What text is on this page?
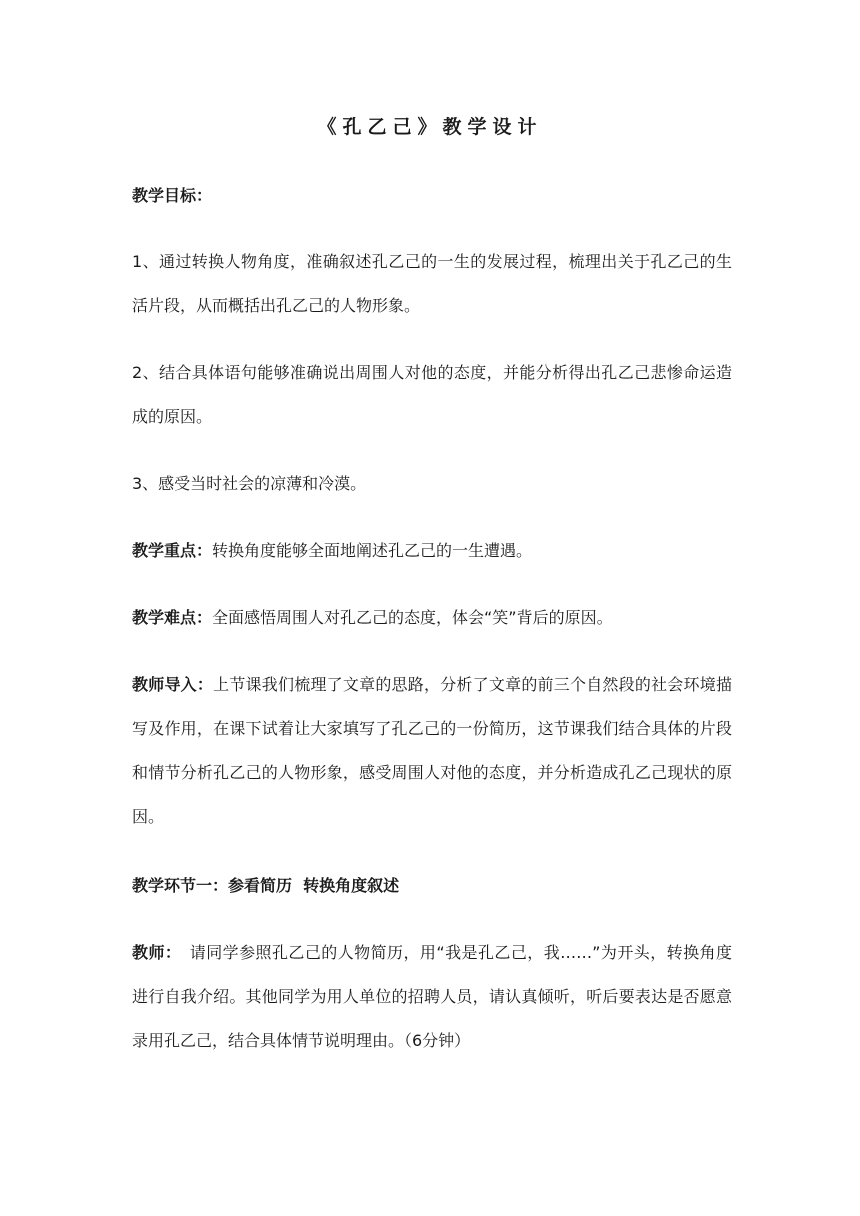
《孔乙己》教学设计
教学目标：
1、通过转换人物角度，准确叙述孔乙己的一生的发展过程，梳理出关于孔乙己的生活片段，从而概括出孔乙己的人物形象。
2、结合具体语句能够准确说出周围人对他的态度，并能分析得出孔乙己悲惨命运造成的原因。
3、感受当时社会的凉薄和冷漠。
教学重点：转换角度能够全面地阐述孔乙己的一生遭遇。
教学难点：全面感悟周围人对孔乙己的态度，体会“笑”背后的原因。
教师导入：上节课我们梳理了文章的思路，分析了文章的前三个自然段的社会环境描写及作用，在课下试着让大家填写了孔乙己的一份简历，这节课我们结合具体的片段和情节分析孔乙己的人物形象，感受周围人对他的态度，并分析造成孔乙己现状的原因。
教学环节一：参看简历  转换角度叙述
教师：　请同学参照孔乙己的人物简历，用“我是孔乙己，我……”为开头，转换角度进行自我介绍。其他同学为用人单位的招聘人员，请认真倾听，听后要表达是否愿意录用孔乙己，结合具体情节说明理由。（6分钟）
